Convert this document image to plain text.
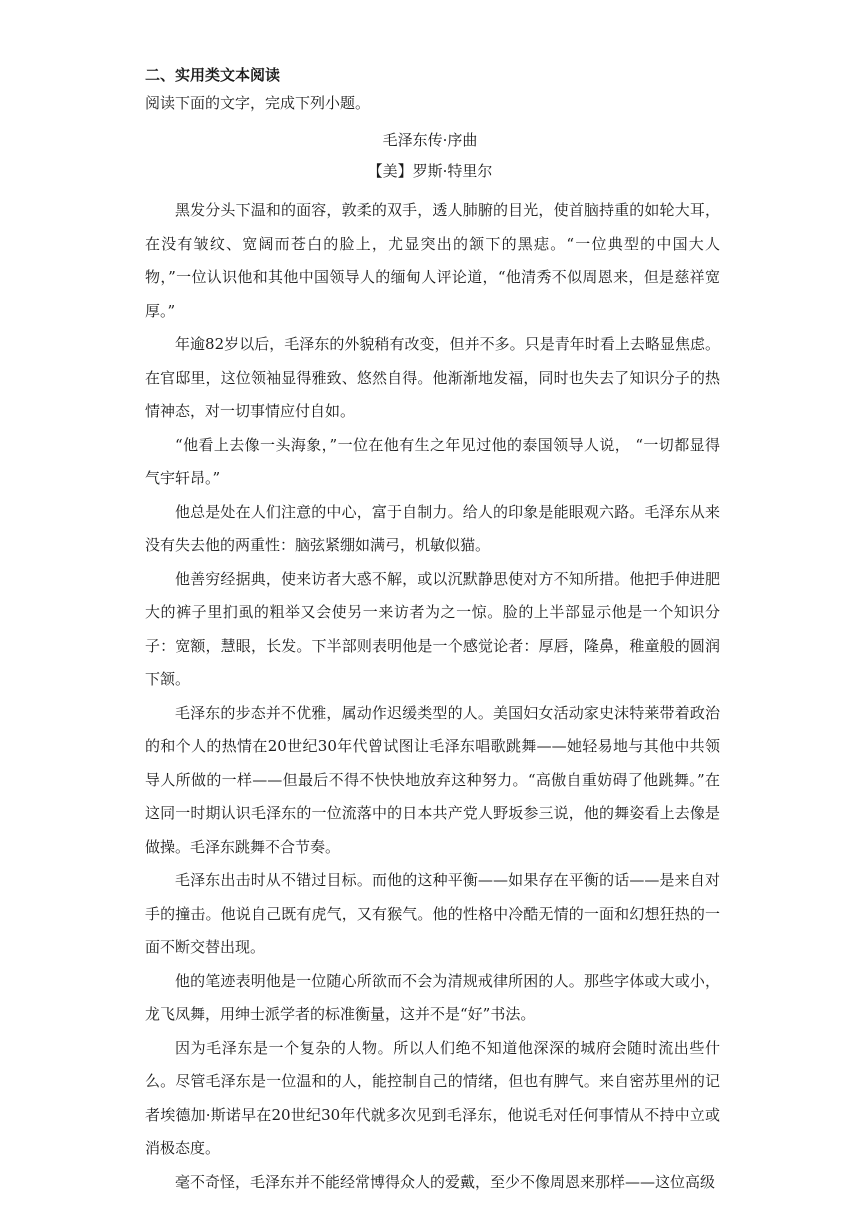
二、实用类文本阅读

阅读下面的文字，完成下列小题。

毛泽东传·序曲

【美】罗斯·特里尔

黑发分头下温和的面容，敦柔的双手，透人肺腑的目光，使首脑持重的如轮大耳，在没有皱纹、宽阔而苍白的脸上，尤显突出的颔下的黑痣。“一位典型的中国大人物，”一位认识他和其他中国领导人的缅甸人评论道，“他清秀不似周恩来，但是慈祥宽厚。”

年逾82岁以后，毛泽东的外貌稍有改变，但并不多。只是青年时看上去略显焦虑。在官邸里，这位领袖显得雅致、悠然自得。他渐渐地发福，同时也失去了知识分子的热情神态，对一切事情应付自如。

“他看上去像一头海象，”一位在他有生之年见过他的泰国领导人说， “一切都显得气宇轩昂。”

他总是处在人们注意的中心，富于自制力。给人的印象是能眼观六路。毛泽东从来没有失去他的两重性：脑弦紧绷如满弓，机敏似猫。

他善穷经据典，使来访者大惑不解，或以沉默静思使对方不知所措。他把手伸进肥大的裤子里扪虱的粗举又会使另一来访者为之一惊。脸的上半部显示他是一个知识分子：宽额，慧眼，长发。下半部则表明他是一个感觉论者：厚唇，隆鼻，稚童般的圆润下颔。

毛泽东的步态并不优雅，属动作迟缓类型的人。美国妇女活动家史沫特莱带着政治的和个人的热情在20世纪30年代曾试图让毛泽东唱歌跳舞——她轻易地与其他中共领导人所做的一样——但最后不得不快快地放弃这种努力。“高傲自重妨碍了他跳舞。”在这同一时期认识毛泽东的一位流落中的日本共产党人野坂参三说，他的舞姿看上去像是做操。毛泽东跳舞不合节奏。

毛泽东出击时从不错过目标。而他的这种平衡——如果存在平衡的话——是来自对手的撞击。他说自己既有虎气，又有猴气。他的性格中冷酷无情的一面和幻想狂热的一面不断交替出现。

他的笔迹表明他是一位随心所欲而不会为清规戒律所困的人。那些字体或大或小，龙飞凤舞，用绅士派学者的标准衡量，这并不是“好”书法。

因为毛泽东是一个复杂的人物。所以人们绝不知道他深深的城府会随时流出些什么。尽管毛泽东是一位温和的人，能控制自己的情绪，但也有脾气。来自密苏里州的记者埃德加·斯诺早在20世纪30年代就多次见到毛泽东，他说毛对任何事情从不持中立或消极态度。

毫不奇怪，毛泽东并不能经常博得众人的爱戴，至少不像周恩来那样——这位高级
